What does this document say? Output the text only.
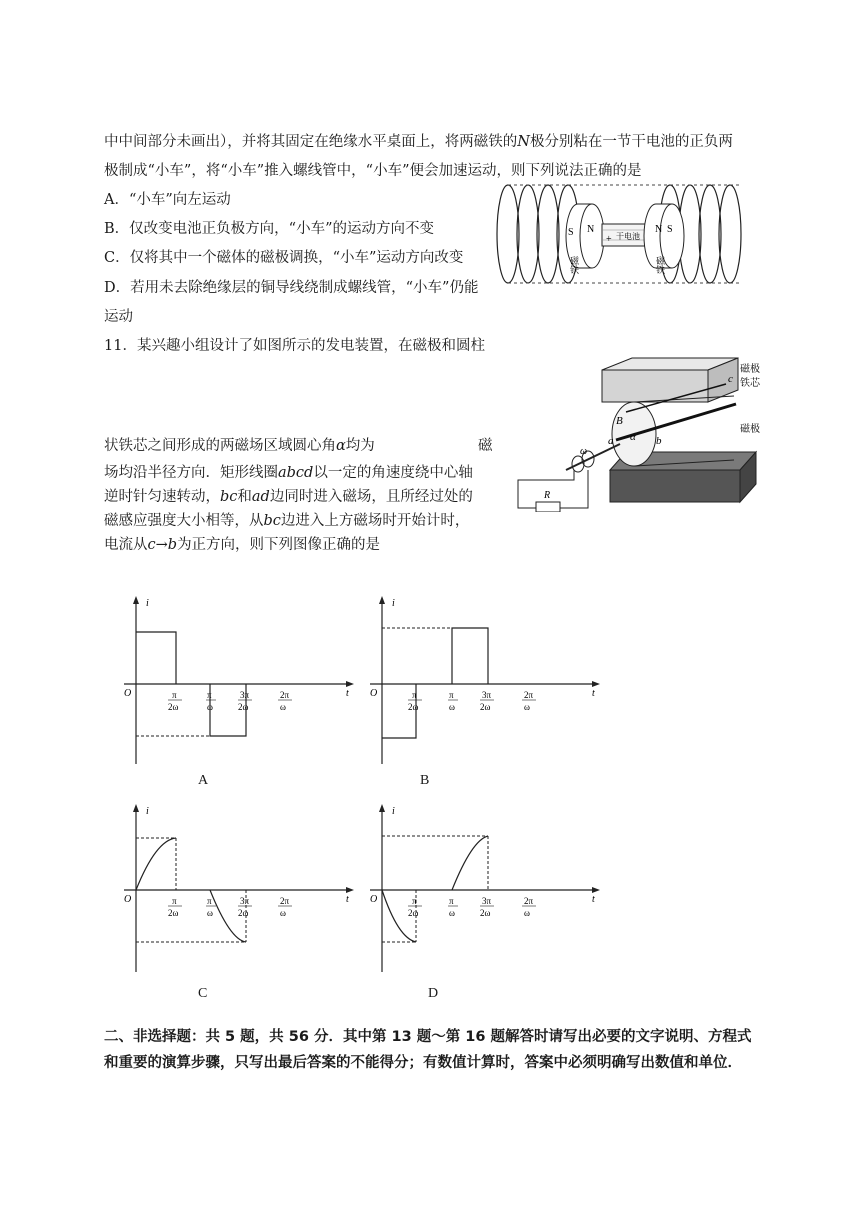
中中间部分未画出），并将其固定在绝缘水平桌面上，将两磁铁的N极分别粘在一节干电池的正负两
极制成“小车”，将“小车”推入螺线管中，“小车”便会加速运动，则下列说法正确的是
A．“小车”向左运动
B．仅改变电池正负极方向，“小车”的运动方向不变
C．仅将其中一个磁体的磁极调换，“小车”运动方向改变
D．若用未去除绝缘层的铜导线绕制成螺线管，“小车”仍能
运动
S N
磁铁
+ 干电池
N S
磁铁
11．某兴趣小组设计了如图所示的发电装置，在磁极和圆柱
状铁芯之间形成的两磁场区域圆心角α均为	磁
场均沿半径方向．矩形线圈abcd以一定的角速度绕中心轴
逆时针匀速转动，bc和ad边同时进入磁场，且所经过处的
磁感应强度大小相等，从bc边进入上方磁场时开始计时，
电流从c→b为正方向，则下列图像正确的是
磁极
铁芯
磁极
B
α
a	b
c
ω
R
i
t
O	π
2ω
π
ω
3π
2ω
2π
ω
A
i
t
O	π
2ω
π
ω
3π
2ω
2π
ω
B
i
t
O	π
2ω
π
ω
3π
2ω
2π
ω
C
i
t
O	π
2ω
π
ω
3π
2ω
2π
ω
D
二、非选择题：共 5 题，共 56 分．其中第 13 题～第 16 题解答时请写出必要的文字说明、方程式和重要的演算步骤，只写出最后答案的不能得分；有数值计算时，答案中必须明确写出数值和单位．
